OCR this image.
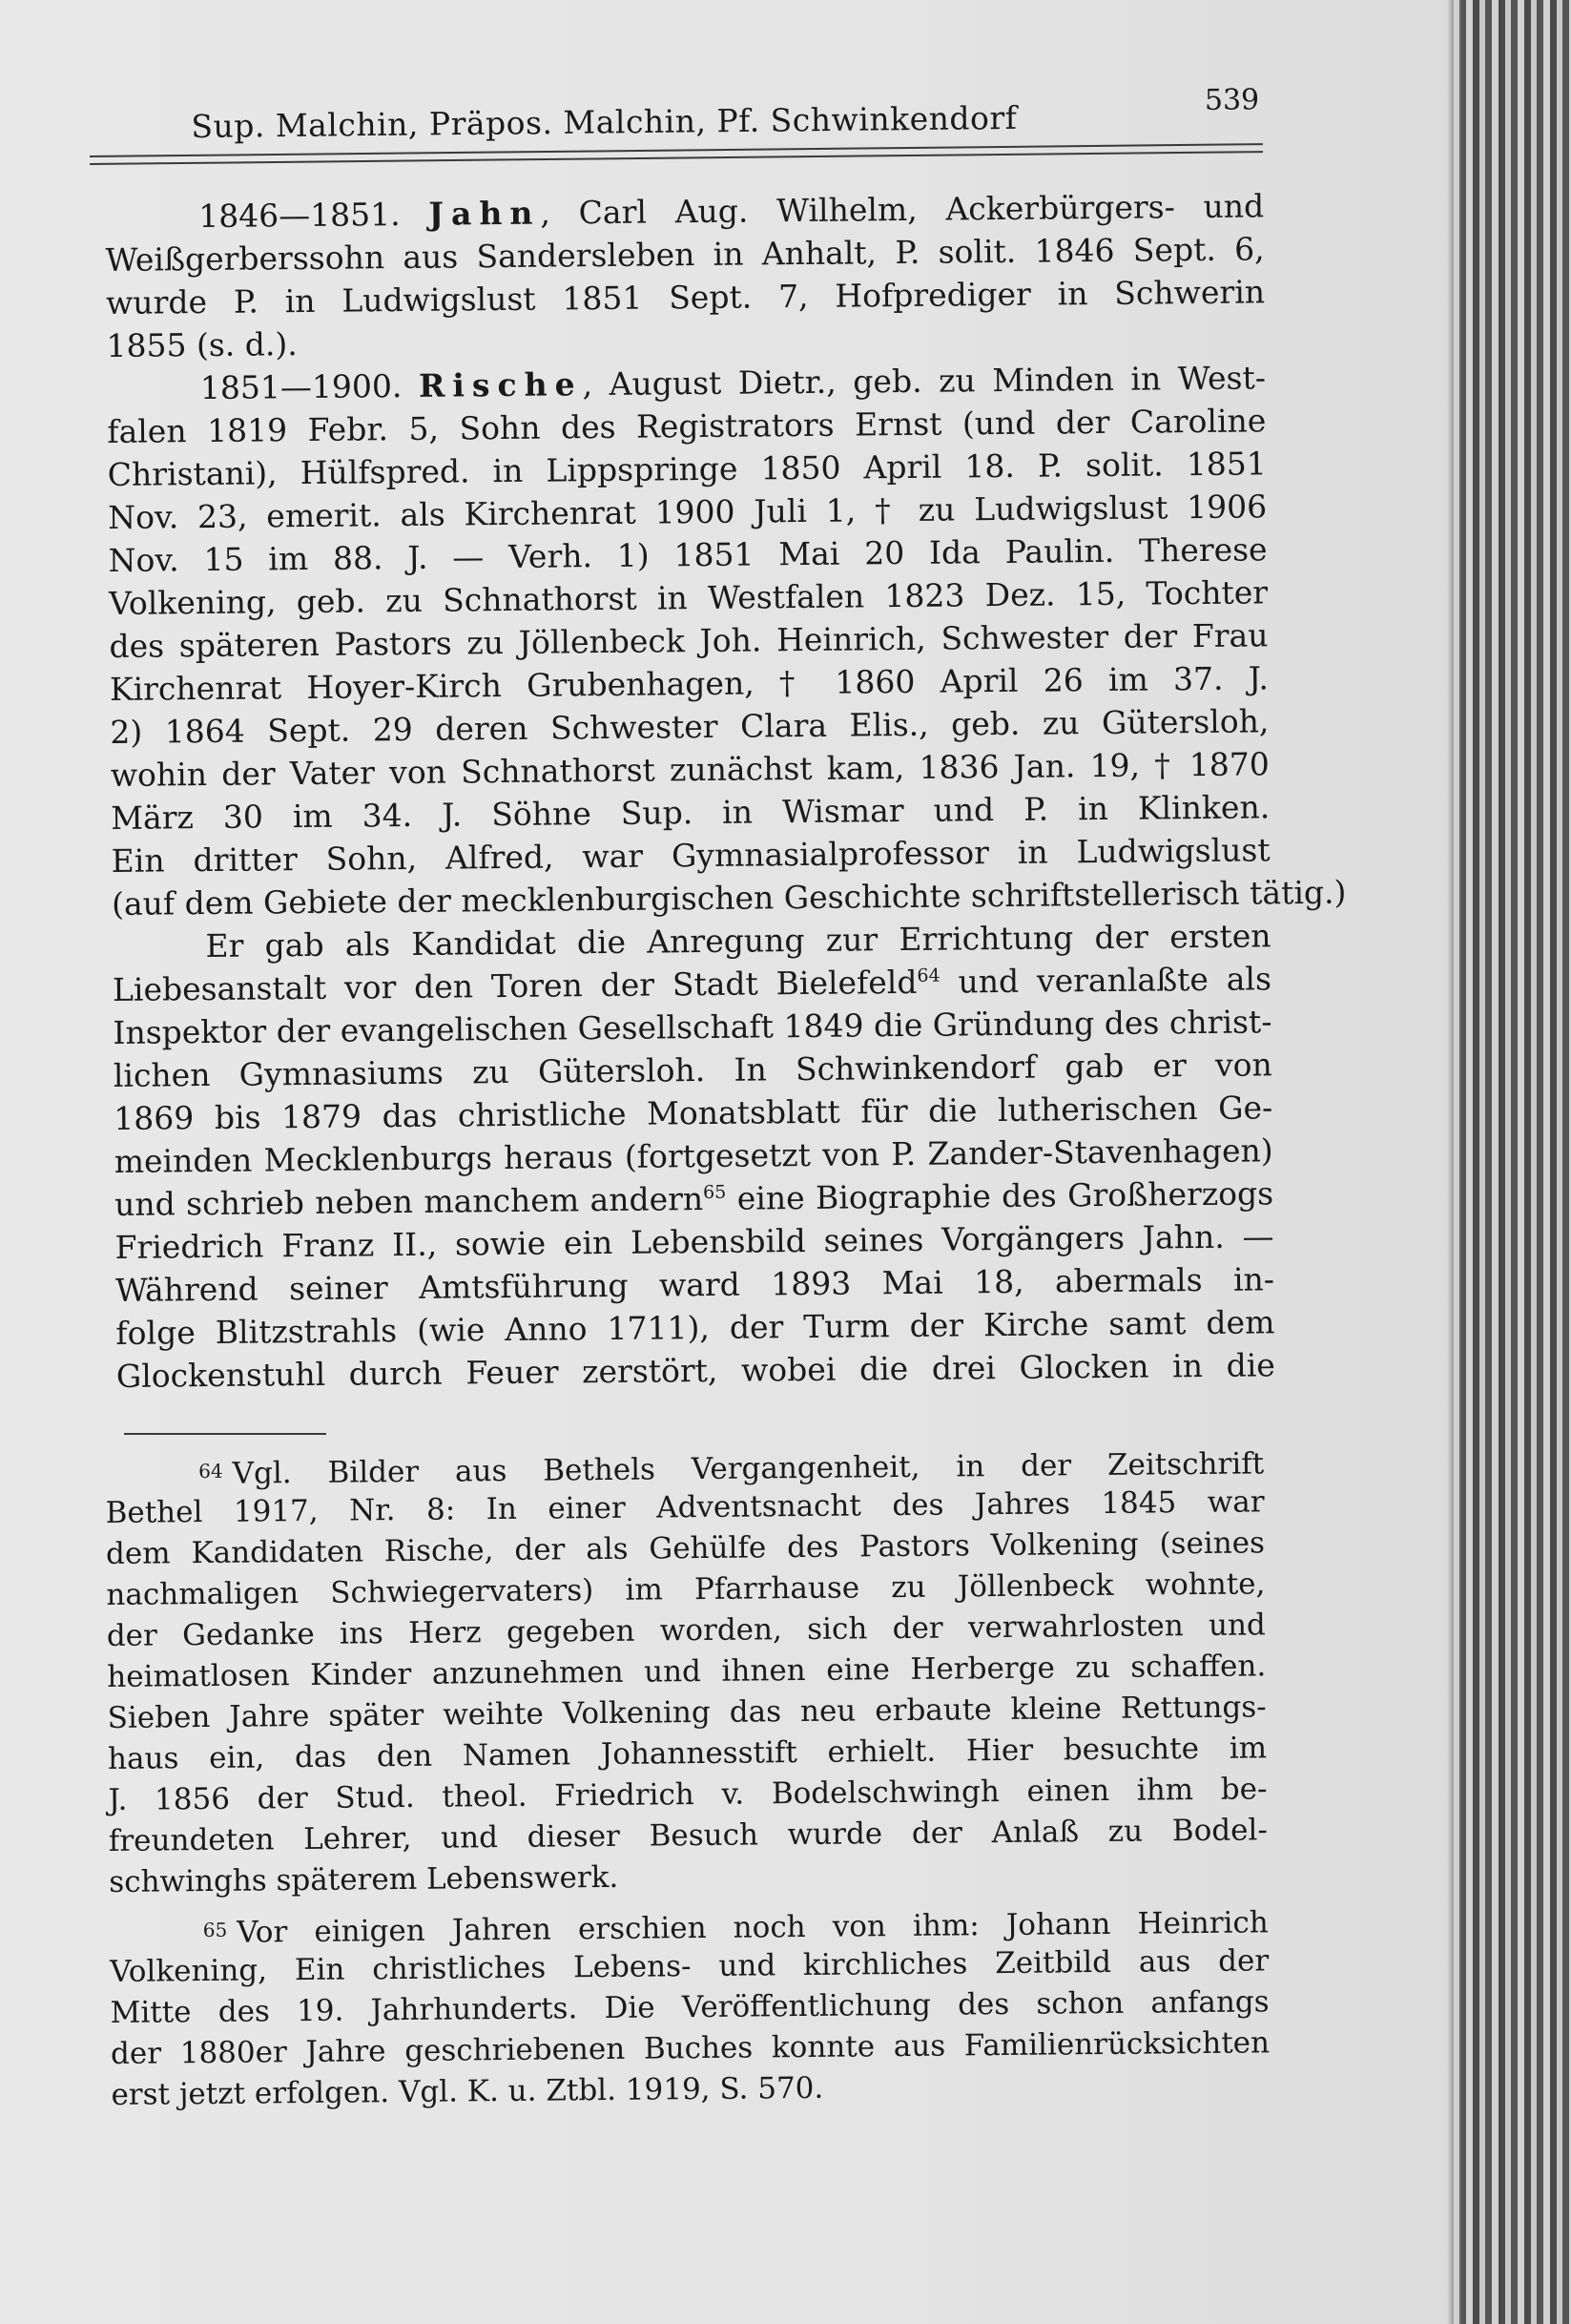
Sup. Malchin, Präpos. Malchin, Pf. Schwinkendorf	539
1846—1851. Jahn, Carl Aug. Wilhelm, Ackerbürgers- und
Weißgerberssohn aus Sandersleben in Anhalt, P. solit. 1846 Sept. 6,
wurde P. in Ludwigslust 1851 Sept. 7, Hofprediger in Schwerin
1855 (s. d.).
1851—1900. Rische, August Dietr., geb. zu Minden in West-
falen 1819 Febr. 5, Sohn des Registrators Ernst (und der Caroline
Christani), Hülfspred. in Lippspringe 1850 April 18. P. solit. 1851
Nov. 23, emerit. als Kirchenrat 1900 Juli 1, † zu Ludwigslust 1906
Nov. 15 im 88. J. — Verh. 1) 1851 Mai 20 Ida Paulin. Therese
Volkening, geb. zu Schnathorst in Westfalen 1823 Dez. 15, Tochter
des späteren Pastors zu Jöllenbeck Joh. Heinrich, Schwester der Frau
Kirchenrat Hoyer-Kirch Grubenhagen, † 1860 April 26 im 37. J.
2) 1864 Sept. 29 deren Schwester Clara Elis., geb. zu Gütersloh,
wohin der Vater von Schnathorst zunächst kam, 1836 Jan. 19, † 1870
März 30 im 34. J. Söhne Sup. in Wismar und P. in Klinken.
Ein dritter Sohn, Alfred, war Gymnasialprofessor in Ludwigslust
(auf dem Gebiete der mecklenburgischen Geschichte schriftstellerisch tätig.)
Er gab als Kandidat die Anregung zur Errichtung der ersten
Liebesanstalt vor den Toren der Stadt Bielefeld$^{64}$ und veranlaßte als
Inspektor der evangelischen Gesellschaft 1849 die Gründung des christ-
lichen Gymnasiums zu Gütersloh. In Schwinkendorf gab er von
1869 bis 1879 das christliche Monatsblatt für die lutherischen Ge-
meinden Mecklenburgs heraus (fortgesetzt von P. Zander-Stavenhagen)
und schrieb neben manchem andern$^{65}$ eine Biographie des Großherzogs
Friedrich Franz II., sowie ein Lebensbild seines Vorgängers Jahn. —
Während seiner Amtsführung ward 1893 Mai 18, abermals in-
folge Blitzstrahls (wie Anno 1711), der Turm der Kirche samt dem
Glockenstuhl durch Feuer zerstört, wobei die drei Glocken in die
64 Vgl. Bilder aus Bethels Vergangenheit, in der Zeitschrift
Bethel 1917, Nr. 8: In einer Adventsnacht des Jahres 1845 war
dem Kandidaten Rische, der als Gehülfe des Pastors Volkening (seines
nachmaligen Schwiegervaters) im Pfarrhause zu Jöllenbeck wohnte,
der Gedanke ins Herz gegeben worden, sich der verwahrlosten und
heimatlosen Kinder anzunehmen und ihnen eine Herberge zu schaffen.
Sieben Jahre später weihte Volkening das neu erbaute kleine Rettungs-
haus ein, das den Namen Johannesstift erhielt. Hier besuchte im
J. 1856 der Stud. theol. Friedrich v. Bodelschwingh einen ihm be-
freundeten Lehrer, und dieser Besuch wurde der Anlaß zu Bodel-
schwinghs späterem Lebenswerk.
65 Vor einigen Jahren erschien noch von ihm: Johann Heinrich
Volkening, Ein christliches Lebens- und kirchliches Zeitbild aus der
Mitte des 19. Jahrhunderts. Die Veröffentlichung des schon anfangs
der 1880er Jahre geschriebenen Buches konnte aus Familienrücksichten
erst jetzt erfolgen. Vgl. K. u. Ztbl. 1919, S. 570.
